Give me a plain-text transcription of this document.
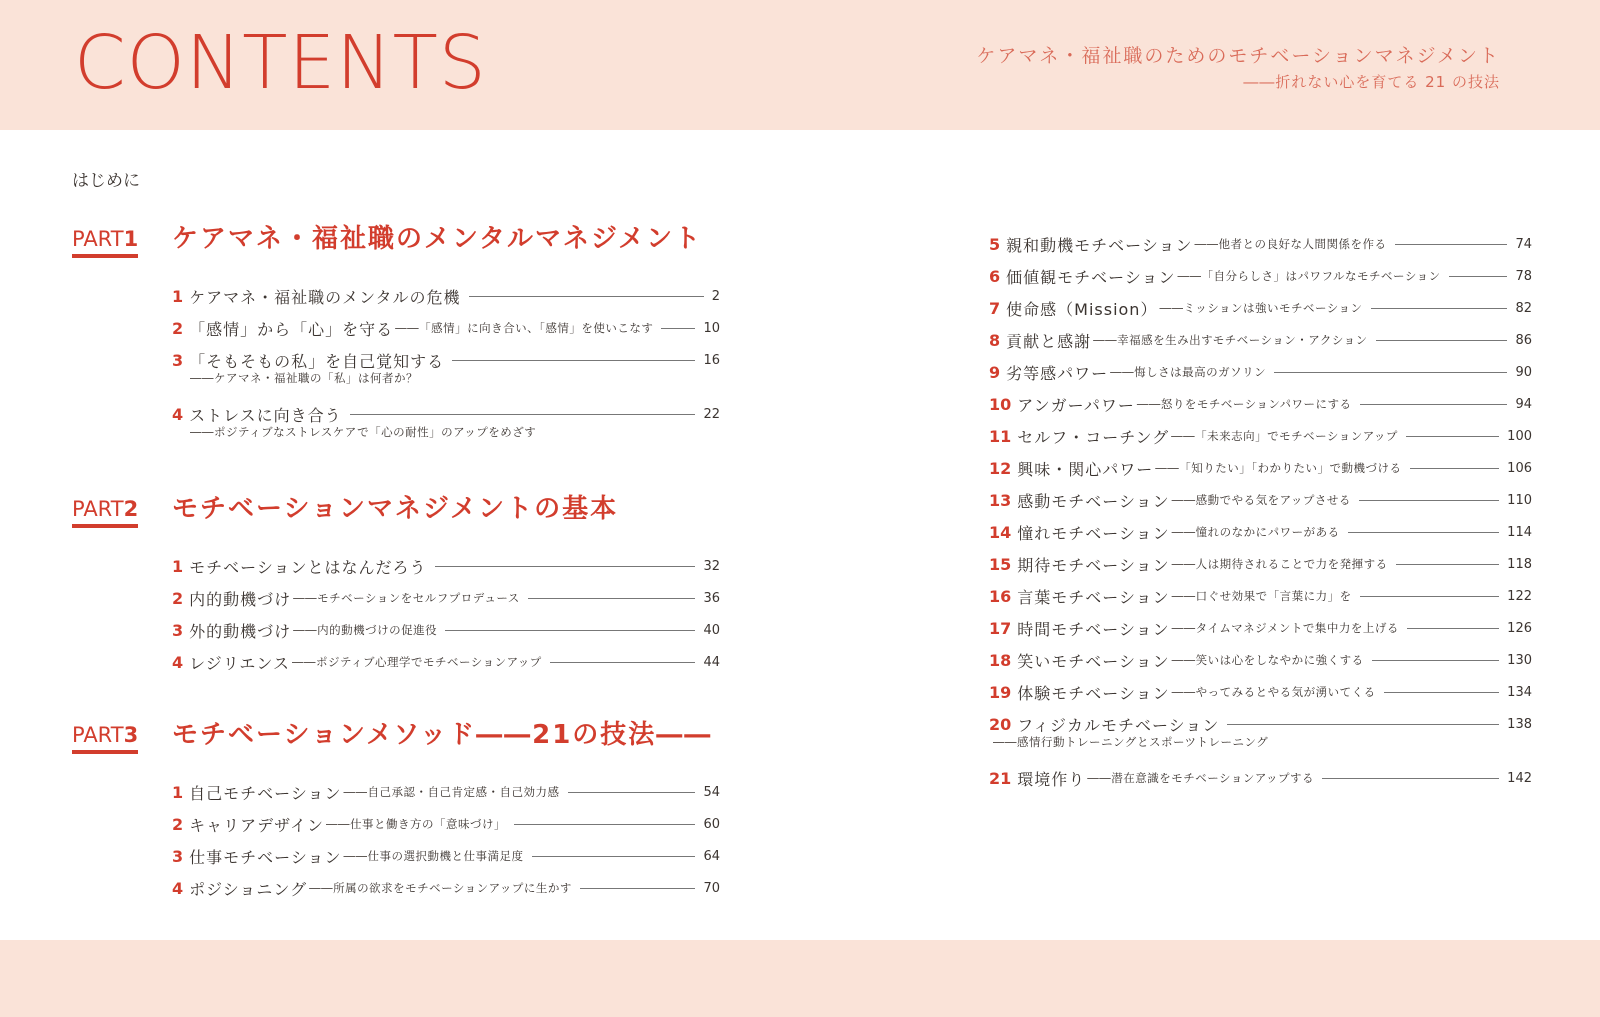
CONTENTS	ケアマネ・福祉職のためのモチベーションマネジメント
――折れない心を育てる 21 の技法
はじめに
PART1 ケアマネ・福祉職のメンタルマネジメント
1 ケアマネ・福祉職のメンタルの危機	2
2 「感情」から「心」を守る ――「感情」に向き合い、「感情」を使いこなす	10
3 「そもそもの私」を自己覚知する	16
――ケアマネ・福祉職の「私」は何者か？
4 ストレスに向き合う	22
――ポジティブなストレスケアで「心の耐性」のアップをめざす
PART2 モチベーションマネジメントの基本
1 モチベーションとはなんだろう	32
2 内的動機づけ ――モチベーションをセルフプロデュース	36
3 外的動機づけ ――内的動機づけの促進役	40
4 レジリエンス ――ポジティブ心理学でモチベーションアップ	44
PART3 モチベーションメソッド――21の技法――
1 自己モチベーション ――自己承認・自己肯定感・自己効力感	54
2 キャリアデザイン ――仕事と働き方の「意味づけ」	60
3 仕事モチベーション ――仕事の選択動機と仕事満足度	64
4 ポジショニング ――所属の欲求をモチベーションアップに生かす	70
5 親和動機モチベーション ――他者との良好な人間関係を作る	74
6 価値観モチベーション ――「自分らしさ」はパワフルなモチベーション	78
7 使命感（Mission） ――ミッションは強いモチベーション	82
8 貢献と感謝 ――幸福感を生み出すモチベーション・アクション	86
9 劣等感パワー ――悔しさは最高のガソリン	90
10 アンガーパワー ――怒りをモチベーションパワーにする	94
11 セルフ・コーチング ――「未来志向」でモチベーションアップ	100
12 興味・関心パワー ――「知りたい」「わかりたい」で動機づける	106
13 感動モチベーション ――感動でやる気をアップさせる	110
14 憧れモチベーション ――憧れのなかにパワーがある	114
15 期待モチベーション ――人は期待されることで力を発揮する	118
16 言葉モチベーション ――口ぐせ効果で「言葉に力」を	122
17 時間モチベーション ――タイムマネジメントで集中力を上げる	126
18 笑いモチベーション ――笑いは心をしなやかに強くする	130
19 体験モチベーション ――やってみるとやる気が湧いてくる	134
20 フィジカルモチベーション	138
――感情行動トレーニングとスポーツトレーニング
21 環境作り ――潜在意識をモチベーションアップする	142
